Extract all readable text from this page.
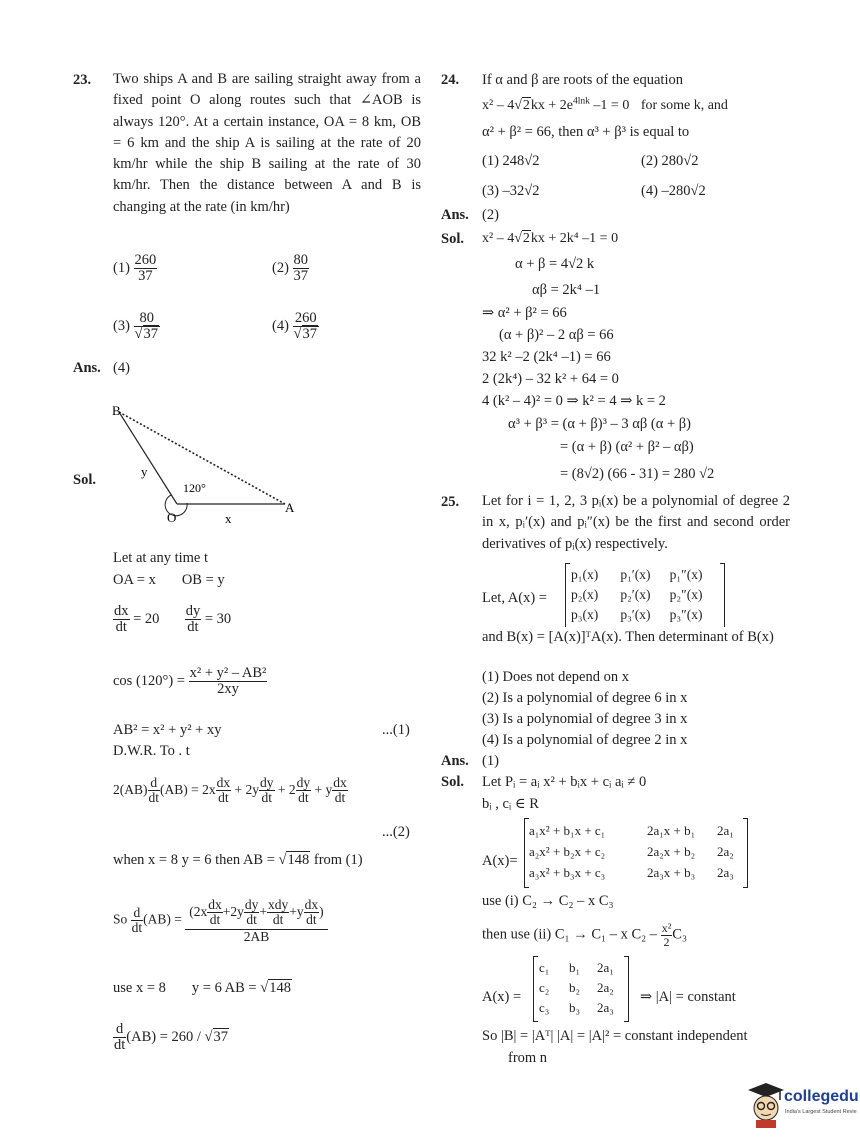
23. Two ships A and B are sailing straight away from a fixed point O along routes such that ∠AOB is always 120°. At a certain instance, OA = 8 km, OB = 6 km and the ship A is sailing at the rate of 20 km/hr while the ship B sailing at the rate of 30 km/hr. Then the distance between A and B is changing at the rate (in km/hr)
$(1) \frac{260}{37}$	$(2) \frac{80}{37}$
$(3) \frac{80}{√37}$	$(4) \frac{260}{√37}$
Ans. (4)
Sol.
B
A
O	x
y
120°
Let at any time t
OA = x OB = y
$\frac{dx}{dt} = 20 \frac{dy}{dt} = 30$
$\cos (120^\circ) = \frac{\text{x² + y² – AB²}}{2xy}$
AB² = x² + y² + xy	...(1)
D.W.R. To . t
$2(AB) \frac{d}{dt} (AB) = 2x \frac{dx}{dt} + 2y \frac{dy}{dt} + 2 \frac{dy}{dt} + y \frac{dx}{dt}$
...(2)
when x = 8 y = 6 then AB = √148 from (1)
So $\frac{d}{dt} (AB) = \frac{(2x \frac{dx}{dt} +2y \frac{dy}{dt} + \frac{\text{xdy}}{dt} +y \frac{dx}{dt} )}{2AB}$
use x = 8 y = 6 AB = √148
$\frac{d}{dt} (AB) = 260 / √37$
24. If α and β are roots of the equation
$x^2 - 4√2kx + 2e^{4lnk}$ –1 = 0 for some k, and
α² + β² = 66, then α³ + β³ is equal to
(1) 248√2	(2) 280√2
(3) –32√2	(4) –280√2
Ans. (2)
Sol. x² – 4√2kx + 2k⁴ –1 = 0
α + β = 4√2 k
αβ = 2k⁴ –1
⇒ α² + β² = 66
(α + β)² – 2 αβ = 66
32 k² –2 (2k⁴ –1) = 66
2 (2k⁴) – 32 k² + 64 = 0
4 (k² – 4)² = 0 ⇒ k² = 4 ⇒ k = 2
α³ + β³ = (α + β)³ – 3 αβ (α + β)
= (α + β) (α² + β² – αβ)
= (8√2) (66 - 31) = 280 √2
25. Let for i = 1, 2, 3 pᵢ(x) be a polynomial of degree 2 in x, pᵢ′(x) and pᵢ″(x) be the first and second order derivatives of pᵢ(x) respectively.
Let, A(x) =
p₁(x)	p₁′(x)	p₁″(x)
p₂(x)	p₂′(x)	p₂″(x)
p₃(x)	p₃′(x)	p₃″(x)
and B(x) = [A(x)]ᵀA(x). Then determinant of B(x)
(1) Does not depend on x
(2) Is a polynomial of degree 6 in x
(3) Is a polynomial of degree 3 in x
(4) Is a polynomial of degree 2 in x
Ans. (1)
Sol. Let Pᵢ = aᵢ x² + bᵢx + cᵢ aᵢ ≠ 0
bᵢ , cᵢ ∈ R
A(x)=
a₁x² + b₁x + c₁	2a₁x + b₁	2a₁
a₂x² + b₂x + c₂	2a₂x + b₂	2a₂
a₃x² + b₃x + c₃	2a₃x + b₃	2a₃
use (i) C₂ → C₂ – x C₃
then use (ii) C₁ → C₁ – x $C_2 - \frac{\text{x²}}{2} C_3$
A(x) =
c₁	b₁	2a₁
c₂	b₂	2a₂
c₃	b₃	2a₃
⇒ |A| = constant
So |B| = |Aᵀ| |A| = |A|² = constant independent
from n
collegedu
India's Largest Student Revie
